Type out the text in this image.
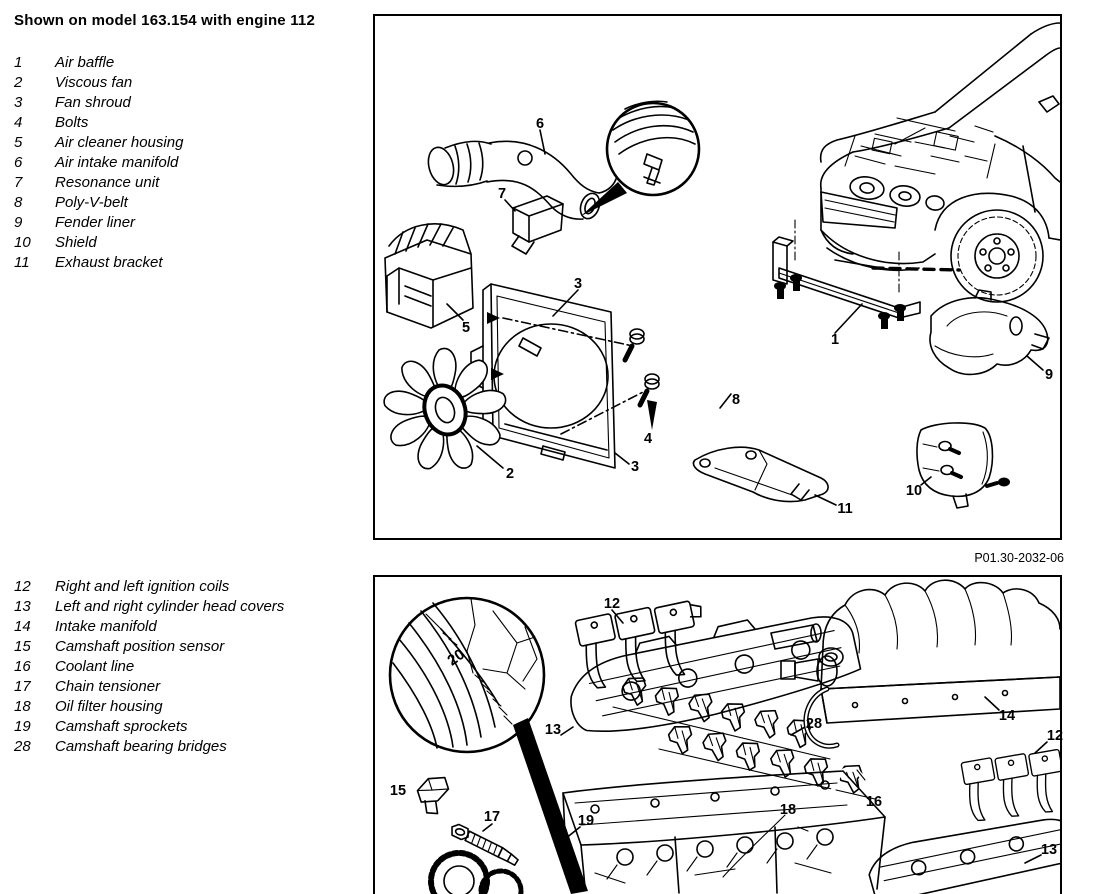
Shown on model 163.154 with engine 112
1	Air baffle
2	Viscous fan
3	Fan shroud
4	Bolts
5	Air cleaner housing
6	Air intake manifold
7	Resonance unit
8	Poly-V-belt
9	Fender liner
10	Shield
11	Exhaust bracket
12	Right and left ignition coils
13	Left and right cylinder head covers
14	Intake manifold
15	Camshaft position sensor
16	Coolant line
17	Chain tensioner
18	Oil filter housing
19	Camshaft sprockets
28	Camshaft bearing bridges
P01.30-2032-06
6
7
5
3
2	3
4
8
1
9
10
11
20
12
13	28	14
12
15
17	19
18	16
13
